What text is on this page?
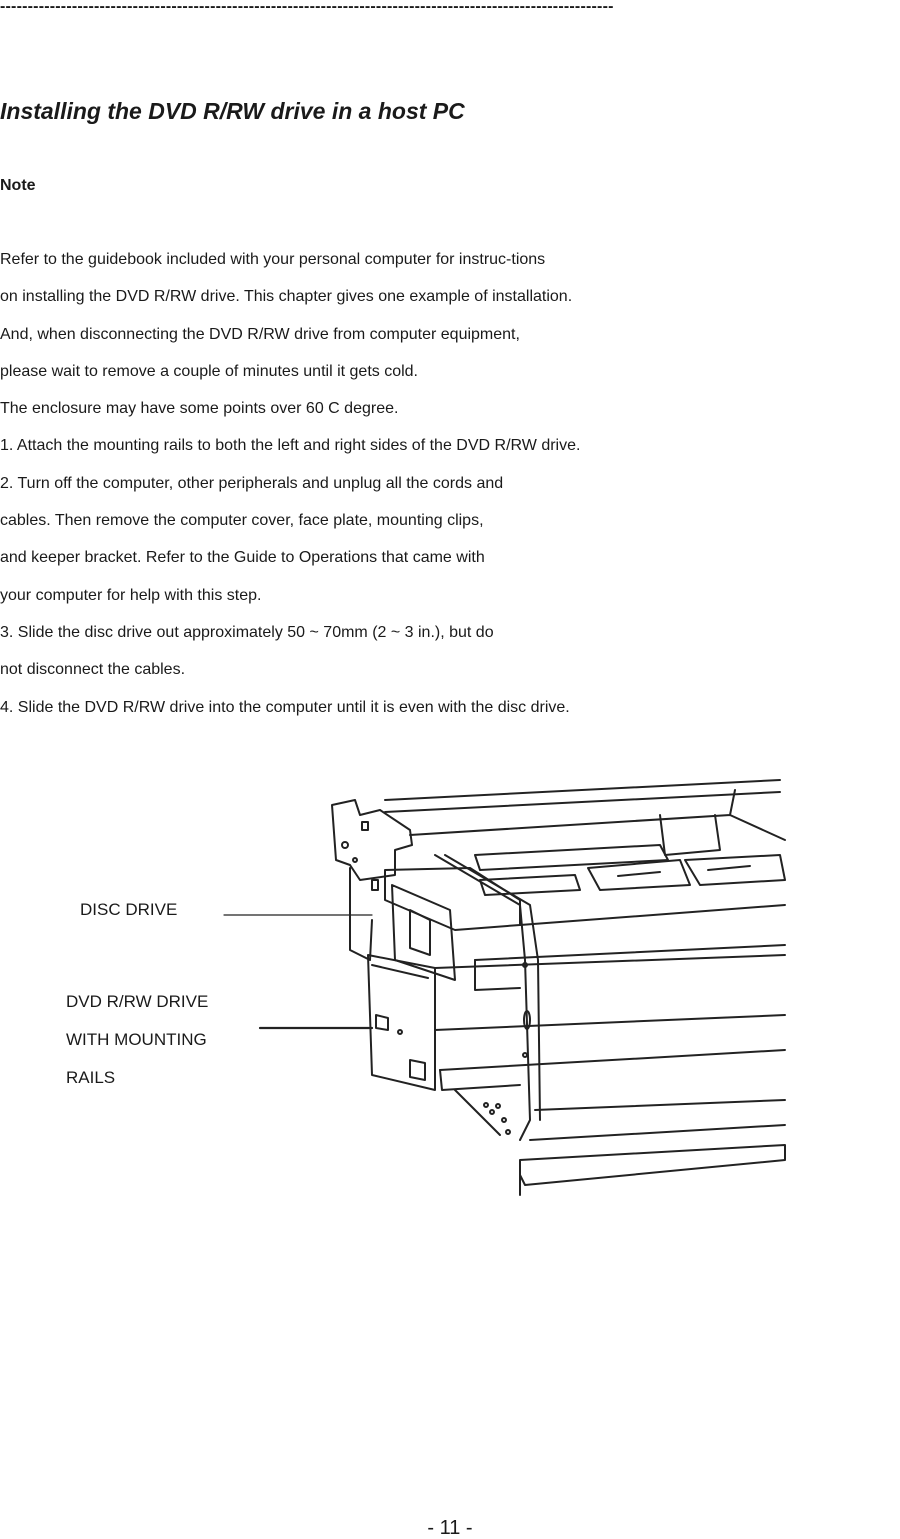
---------------------------------------------------------------------------------------------------------------
Installing the DVD R/RW drive in a host PC
Note
Refer to the guidebook included with your personal computer for instruc-tions
on installing the DVD R/RW drive. This chapter gives one example of installation.
And, when disconnecting the DVD R/RW drive from computer equipment,
please wait to remove a couple of minutes until it gets cold.
The enclosure may have some points over 60 C degree.
1. Attach the mounting rails to both the left and right sides of the DVD R/RW drive.
2. Turn off the computer, other peripherals and unplug all the cords and
cables. Then remove the computer cover, face plate, mounting clips,
and keeper bracket. Refer to the Guide to Operations that came with
your computer for help with this step.
3. Slide the disc drive out approximately 50 ~ 70mm (2 ~ 3 in.), but do
not disconnect the cables.
4. Slide the DVD R/RW drive into the computer until it is even with the disc drive.
DISC DRIVE
DVD R/RW DRIVE
WITH MOUNTING
RAILS
- 11 -
